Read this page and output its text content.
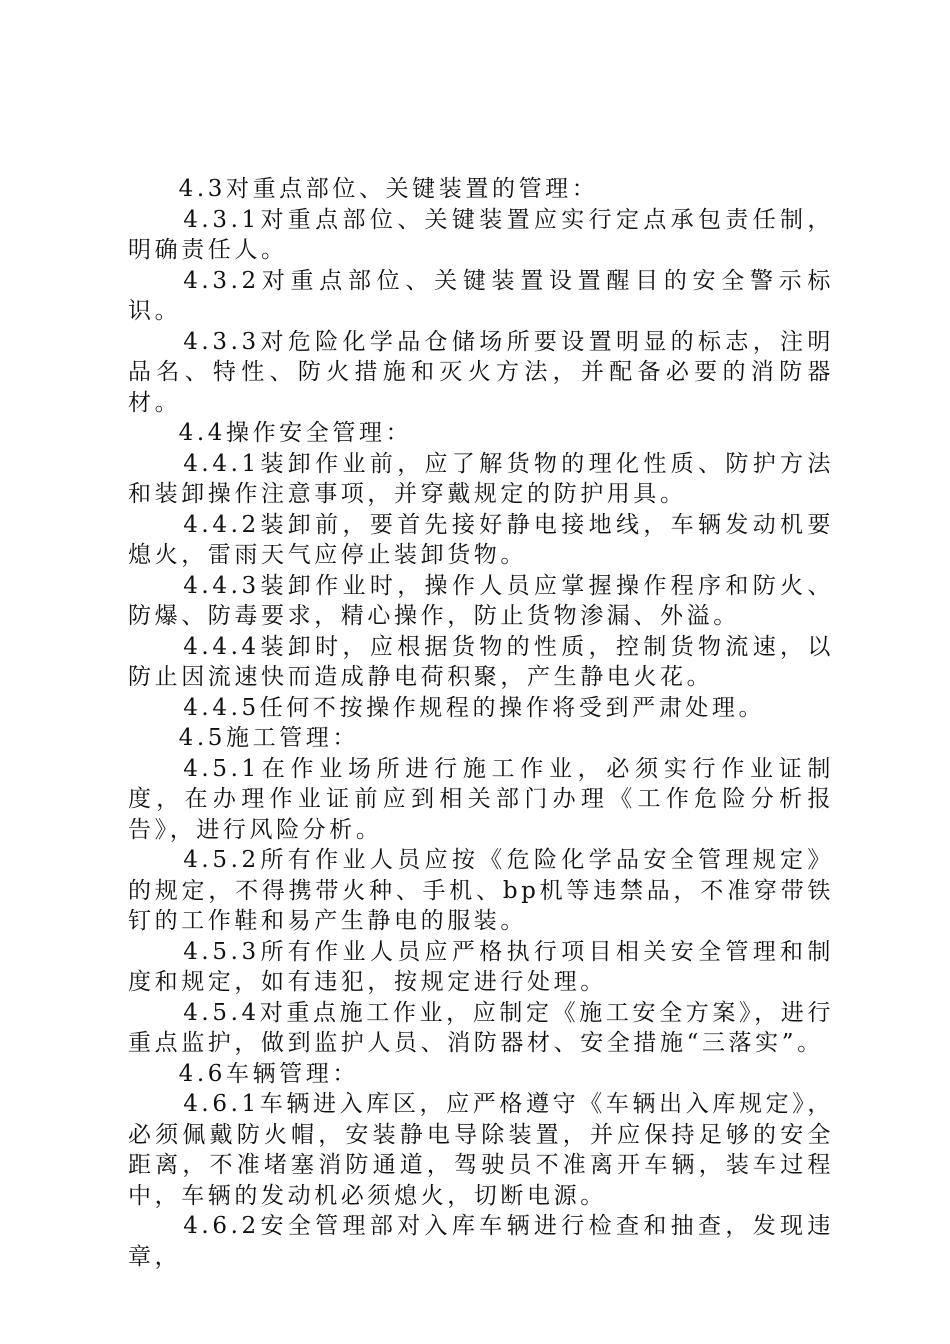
4.3对重点部位、关键装置的管理：

4.3.1对重点部位、关键装置应实行定点承包责任制，明确责任人。

4.3.2对重点部位、关键装置设置醒目的安全警示标识。

4.3.3对危险化学品仓储场所要设置明显的标志，注明品名、特性、防火措施和灭火方法，并配备必要的消防器材。

4.4操作安全管理：

4.4.1装卸作业前，应了解货物的理化性质、防护方法和装卸操作注意事项，并穿戴规定的防护用具。

4.4.2装卸前，要首先接好静电接地线，车辆发动机要熄火，雷雨天气应停止装卸货物。

4.4.3装卸作业时，操作人员应掌握操作程序和防火、防爆、防毒要求，精心操作，防止货物渗漏、外溢。

4.4.4装卸时，应根据货物的性质，控制货物流速，以防止因流速快而造成静电荷积聚，产生静电火花。

4.4.5任何不按操作规程的操作将受到严肃处理。

4.5施工管理：

4.5.1在作业场所进行施工作业，必须实行作业证制度，在办理作业证前应到相关部门办理《工作危险分析报告》，进行风险分析。

4.5.2所有作业人员应按《危险化学品安全管理规定》的规定，不得携带火种、手机、bp机等违禁品，不准穿带铁钉的工作鞋和易产生静电的服装。

4.5.3所有作业人员应严格执行项目相关安全管理和制度和规定，如有违犯，按规定进行处理。

4.5.4对重点施工作业，应制定《施工安全方案》，进行重点监护，做到监护人员、消防器材、安全措施“三落实”。

4.6车辆管理：

4.6.1车辆进入库区，应严格遵守《车辆出入库规定》，必须佩戴防火帽，安装静电导除装置，并应保持足够的安全距离，不准堵塞消防通道，驾驶员不准离开车辆，装车过程中，车辆的发动机必须熄火，切断电源。

4.6.2安全管理部对入库车辆进行检查和抽查，发现违章，
